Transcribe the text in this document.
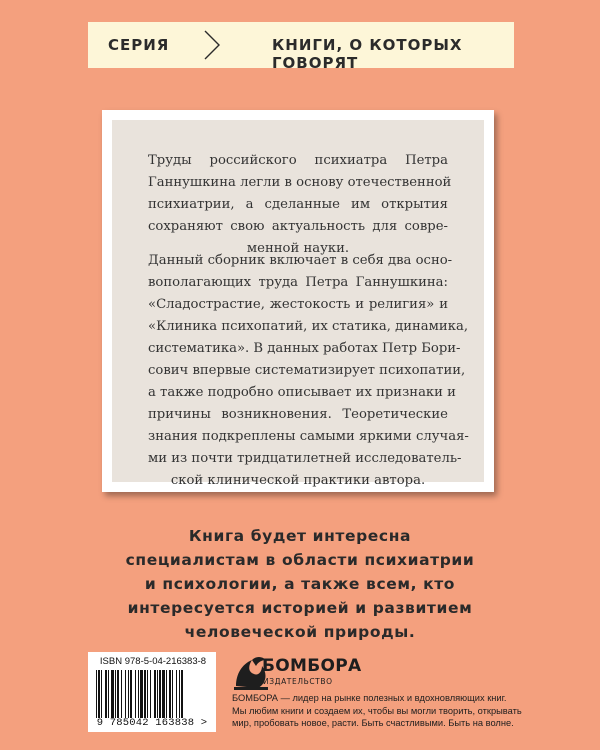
СЕРИЯ	КНИГИ, О КОТОРЫХ ГОВОРЯТ
Труды российского психиатра Петра
Ганнушкина легли в основу отечественной
психиатрии, а сделанные им открытия
сохраняют свою актуальность для совре-
менной науки.
Данный сборник включает в себя два осно-
вополагающих труда Петра Ганнушкина:
«Сладострастие, жестокость и религия» и
«Клиника психопатий, их статика, динамика,
систематика». В данных работах Петр Бори-
сович впервые систематизирует психопатии,
а также подробно описывает их признаки и
причины возникновения. Теоретические
знания подкреплены самыми яркими случая-
ми из почти тридцатилетней исследователь-
ской клинической практики автора.
Книга будет интересна
специалистам в области психиатрии
и психологии, а также всем, кто
интересуется историей и развитием
человеческой природы.
ISBN 978-5-04-216383-8
9 785042 163838 >
БОМБОРА
ИЗДАТЕЛЬСТВО
БОМБОРА — лидер на рынке полезных и вдохновляющих книг.
Мы любим книги и создаем их, чтобы вы могли творить, открывать
мир, пробовать новое, расти. Быть счастливыми. Быть на волне.
